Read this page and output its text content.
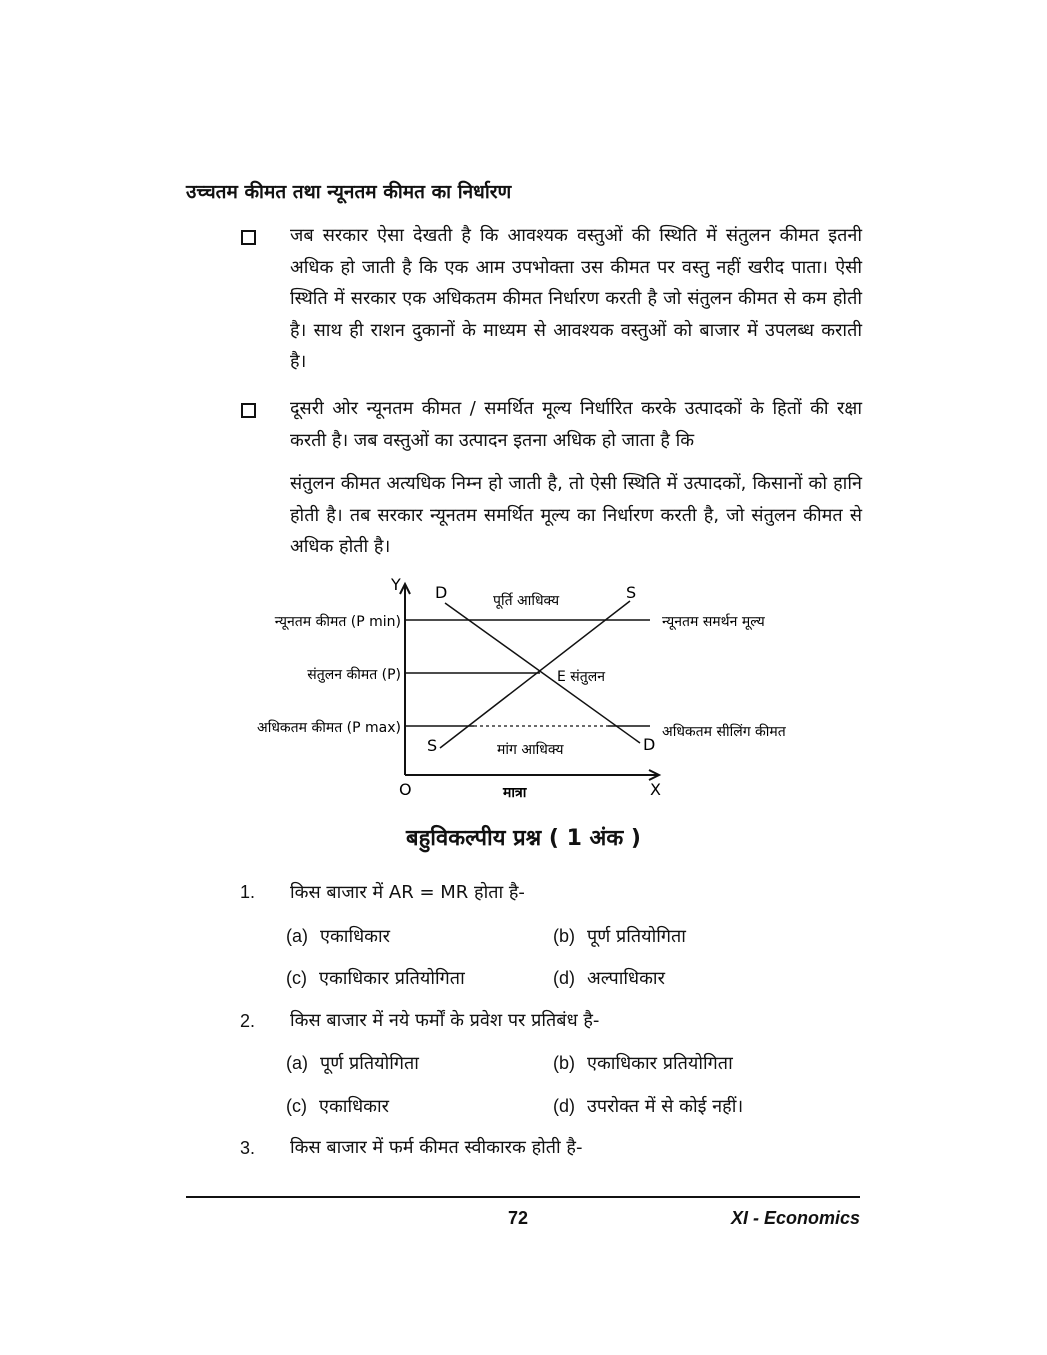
उच्चतम कीमत तथा न्यूनतम कीमत का निर्धारण
जब सरकार ऐसा देखती है कि आवश्यक वस्तुओं की स्थिति में संतुलन कीमत इतनी अधिक हो जाती है कि एक आम उपभोक्ता उस कीमत पर वस्तु नहीं खरीद पाता। ऐसी स्थिति में सरकार एक अधिकतम कीमत निर्धारण करती है जो संतुलन कीमत से कम होती है। साथ ही राशन दुकानों के माध्यम से आवश्यक वस्तुओं को बाजार में उपलब्ध कराती है।
दूसरी ओर न्यूनतम कीमत / समर्थित मूल्य निर्धारित करके उत्पादकों के हितों की रक्षा करती है। जब वस्तुओं का उत्पादन इतना अधिक हो जाता है कि
संतुलन कीमत अत्यधिक निम्न हो जाती है, तो ऐसी स्थिति में उत्पादकों, किसानों को हानि होती है। तब सरकार न्यूनतम समर्थित मूल्य का निर्धारण करती है, जो संतुलन कीमत से अधिक होती है।
Y
X
O	मात्रा
D	S
S	D
पूर्ति आधिक्य
मांग आधिक्य
E संतुलन
न्यूनतम कीमत (P min)
संतुलन कीमत (P)
अधिकतम कीमत (P max)
न्यूनतम समर्थन मूल्य
अधिकतम सीलिंग कीमत
बहुविकल्पीय प्रश्न ( 1 अंक )
1. किस बाजार में AR = MR होता है-
(a) एकाधिकार	(b) पूर्ण प्रतियोगिता
(c) एकाधिकार प्रतियोगिता	(d) अल्पाधिकार
2. किस बाजार में नये फर्मों के प्रवेश पर प्रतिबंध है-
(a) पूर्ण प्रतियोगिता	(b) एकाधिकार प्रतियोगिता
(c) एकाधिकार	(d) उपरोक्त में से कोई नहीं।
3. किस बाजार में फर्म कीमत स्वीकारक होती है-
72	XI - Economics
